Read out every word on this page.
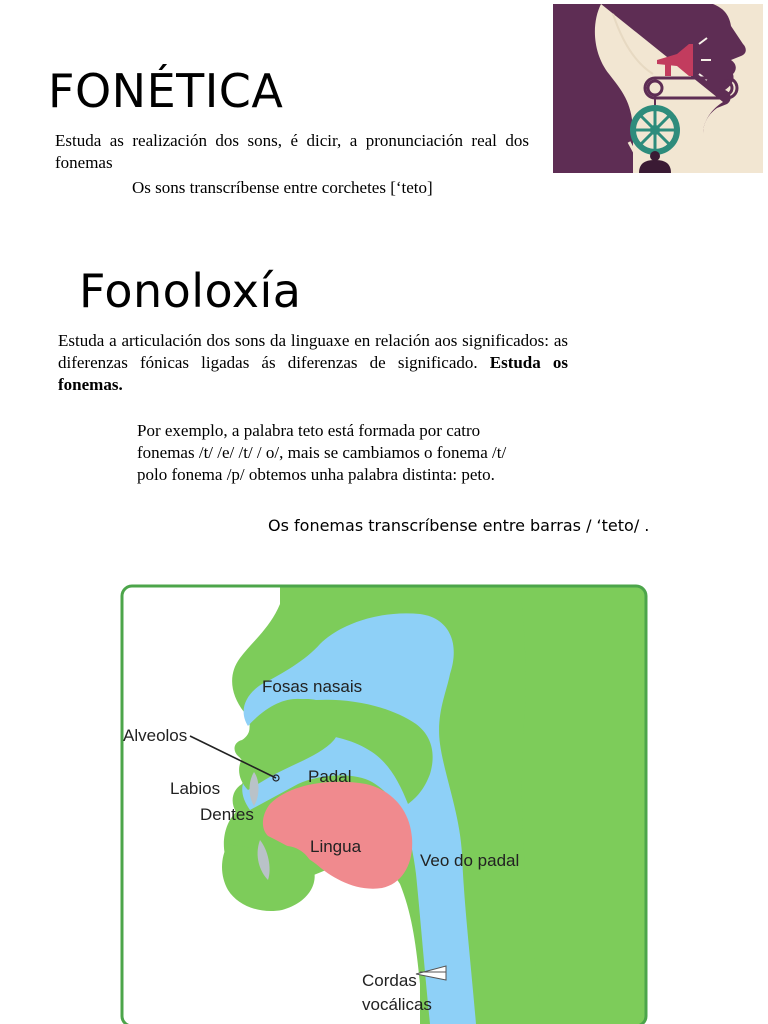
FONÉTICA
Estuda as realización dos sons, é dicir, a pronunciación real dos fonemas
Os sons transcríbense entre corchetes [‘teto]
Fonoloxía
Estuda a articulación dos sons da linguaxe en relación aos significados: as diferenzas fónicas ligadas ás diferenzas de significado. Estuda os fonemas.
Por exemplo, a palabra teto está formada por catro fonemas /t/ /e/ /t/ / o/, mais se cambiamos o fonema /t/ polo fonema /p/ obtemos unha palabra distinta: peto.
Os fonemas transcríbense entre barras / ‘teto/ .
Fosas nasais
Alveolos
Labios
Padal
Dentes
Lingua
Veo do padal
Cordas
vocálicas
